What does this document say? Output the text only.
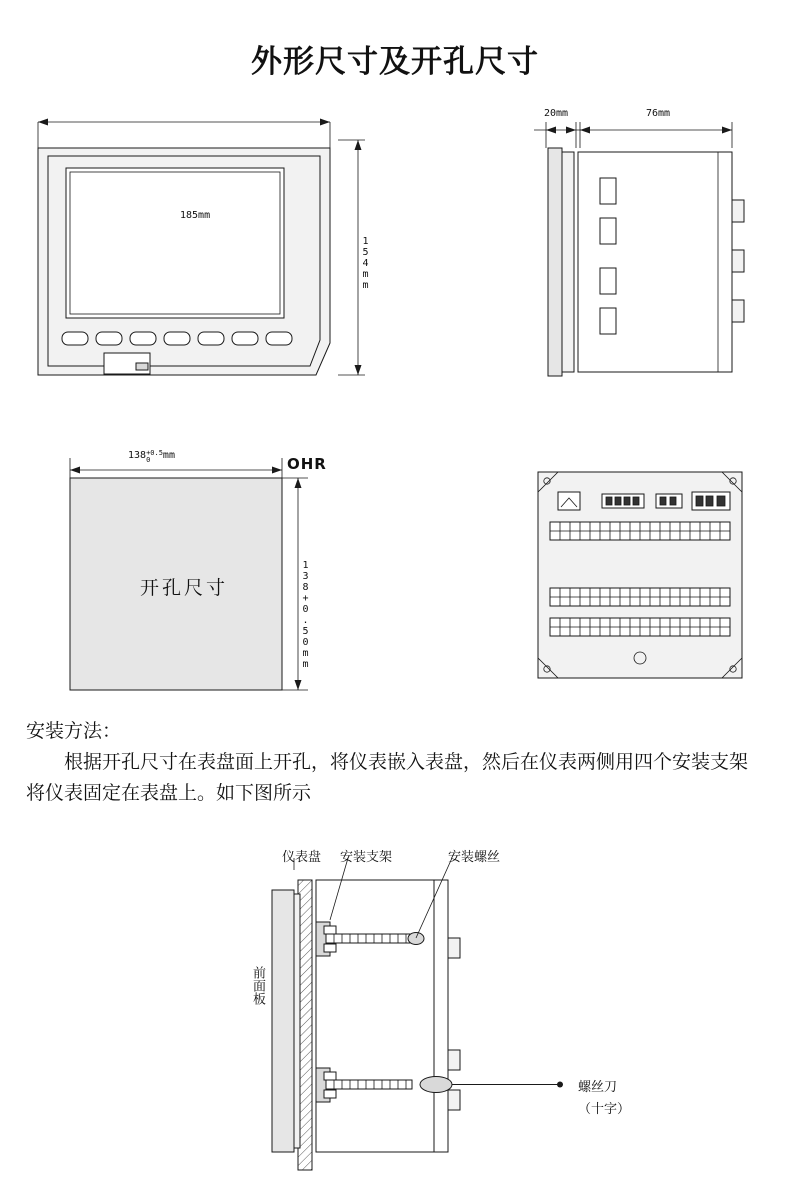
外形尺寸及开孔尺寸
185mm
154mm
OHR
20mm	76mm
138 +0.5
0	mm
138+0.50mm
开孔尺寸
安装方法：
根据开孔尺寸在表盘面上开孔，将仪表嵌入表盘，然后在仪表两侧用四个安装支架将仪表固定在表盘上。如下图所示
仪表盘 安装支架	安装螺丝
前面板
螺丝刀
（十字）
